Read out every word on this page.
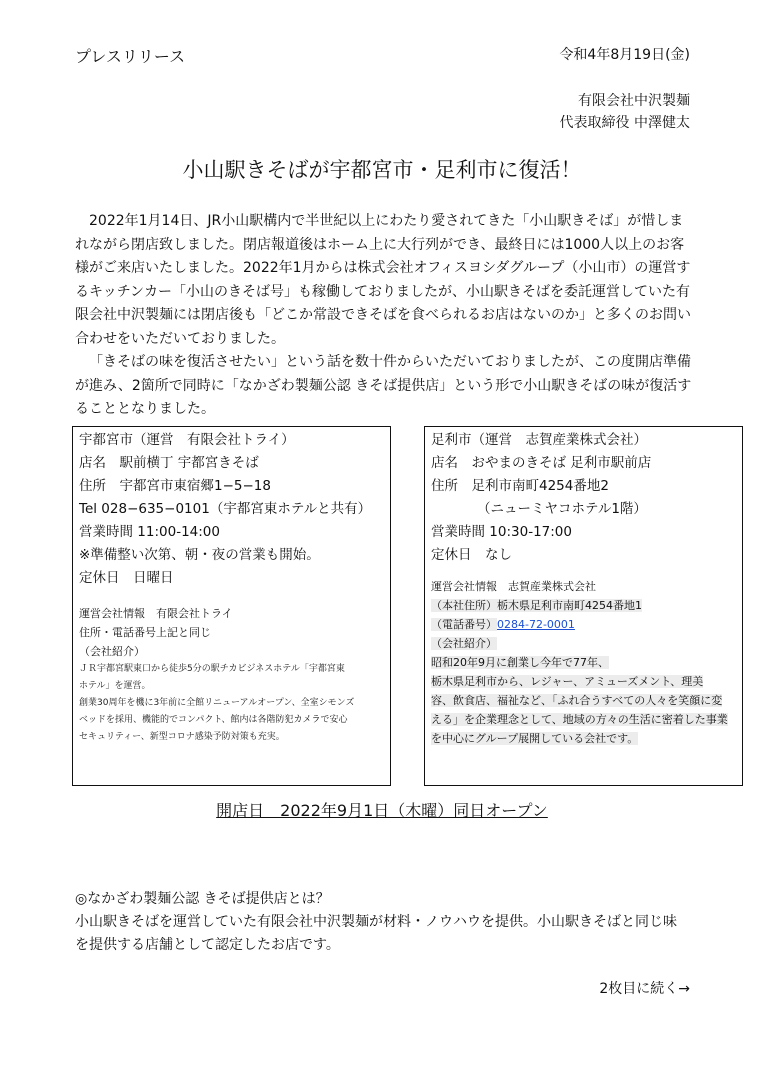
プレスリリース	令和4年8月19日(金)
有限会社中沢製麺
代表取締役 中澤健太
小山駅きそばが宇都宮市・足利市に復活！

2022年1月14日、JR小山駅構内で半世紀以上にわたり愛されてきた「小山駅きそば」が惜しまれながら閉店致しました。閉店報道後はホーム上に大行列ができ、最終日には1000人以上のお客様がご来店いたしました。2022年1月からは株式会社オフィスヨシダグループ（小山市）の運営するキッチンカー「小山のきそば号」も稼働しておりましたが、小山駅きそばを委託運営していた有限会社中沢製麺には閉店後も「どこか常設できそばを食べられるお店はないのか」と多くのお問い合わせをいただいておりました。

「きそばの味を復活させたい」という話を数十件からいただいておりましたが、この度開店準備が進み、2箇所で同時に「なかざわ製麺公認 きそば提供店」という形で小山駅きそばの味が復活することとなりました。

宇都宮市（運営　有限会社トライ）
店名　駅前横丁 宇都宮きそば
住所　宇都宮市東宿郷1−5−18
Tel 028−635−0101（宇都宮東ホテルと共有）
営業時間 11:00-14:00
※準備整い次第、朝・夜の営業も開始。
定休日　日曜日
運営会社情報　有限会社トライ
住所・電話番号上記と同じ
（会社紹介）
ＪＲ宇都宮駅東口から徒歩5分の駅チカビジネスホテル「宇都宮東
ホテル」を運営。
創業30周年を機に3年前に全館リニューアルオープン、全室シモンズ
ベッドを採用、機能的でコンパクト、館内は各階防犯カメラで安心
セキュリティー、新型コロナ感染予防対策も充実。
足利市（運営　志賀産業株式会社）
店名　おやまのきそば 足利市駅前店
住所　足利市南町4254番地2
（ニューミヤコホテル1階）
営業時間 10:30-17:00
定休日　なし
運営会社情報　志賀産業株式会社
（本社住所）栃木県足利市南町4254番地1
（電話番号）0284-72-0001
（会社紹介）
昭和20年9月に創業し今年で77年、
栃木県足利市から、レジャー、アミューズメント、理美
容、飲食店、福祉など、「ふれ合うすべての人々を笑顔に変
える」を企業理念として、地域の方々の生活に密着した事業
を中心にグループ展開している会社です。
開店日　2022年9月1日（木曜）同日オープン
◎なかざわ製麺公認 きそば提供店とは？
小山駅きそばを運営していた有限会社中沢製麺が材料・ノウハウを提供。小山駅きそばと同じ味
を提供する店舗として認定したお店です。
2枚目に続く→
